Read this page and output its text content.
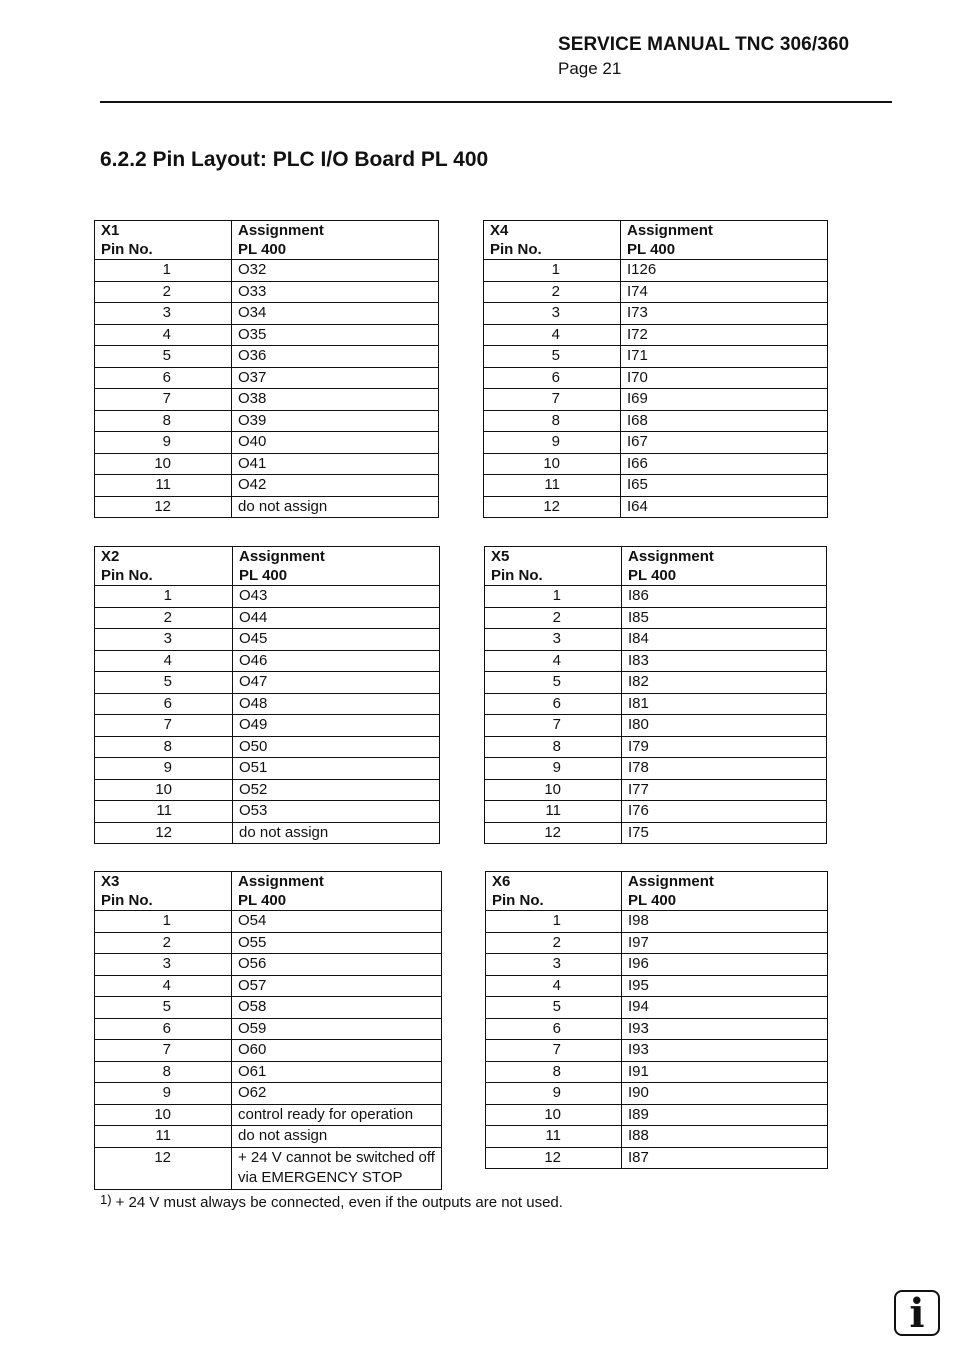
SERVICE MANUAL TNC 306/360
Page 21
6.2.2 Pin Layout: PLC I/O Board PL 400
X1
Pin No.	Assignment
PL 400

1	O32
2	O33
3	O34
4	O35
5	O36
6	O37
7	O38
8	O39
9	O40
10	O41
11	O42
12	do not assign
X4
Pin No.	Assignment
PL 400

1	I126
2	I74
3	I73
4	I72
5	I71
6	I70
7	I69
8	I68
9	I67
10	I66
11	I65
12	I64
X2
Pin No.	Assignment
PL 400

1	O43
2	O44
3	O45
4	O46
5	O47
6	O48
7	O49
8	O50
9	O51
10	O52
11	O53
12	do not assign
X5
Pin No.	Assignment
PL 400

1	I86
2	I85
3	I84
4	I83
5	I82
6	I81
7	I80
8	I79
9	I78
10	I77
11	I76
12	I75
X3
Pin No.	Assignment
PL 400

1	O54
2	O55
3	O56
4	O57
5	O58
6	O59
7	O60
8	O61
9	O62
10	control ready for operation
11	do not assign
12	+ 24 V cannot be switched off via EMERGENCY STOP
X6
Pin No.	Assignment
PL 400

1	I98
2	I97
3	I96
4	I95
5	I94
6	I93
7	I93
8	I91
9	I90
10	I89
11	I88
12	I87
$^{1)}$ + 24 V must always be connected, even if the outputs are not used.
i
